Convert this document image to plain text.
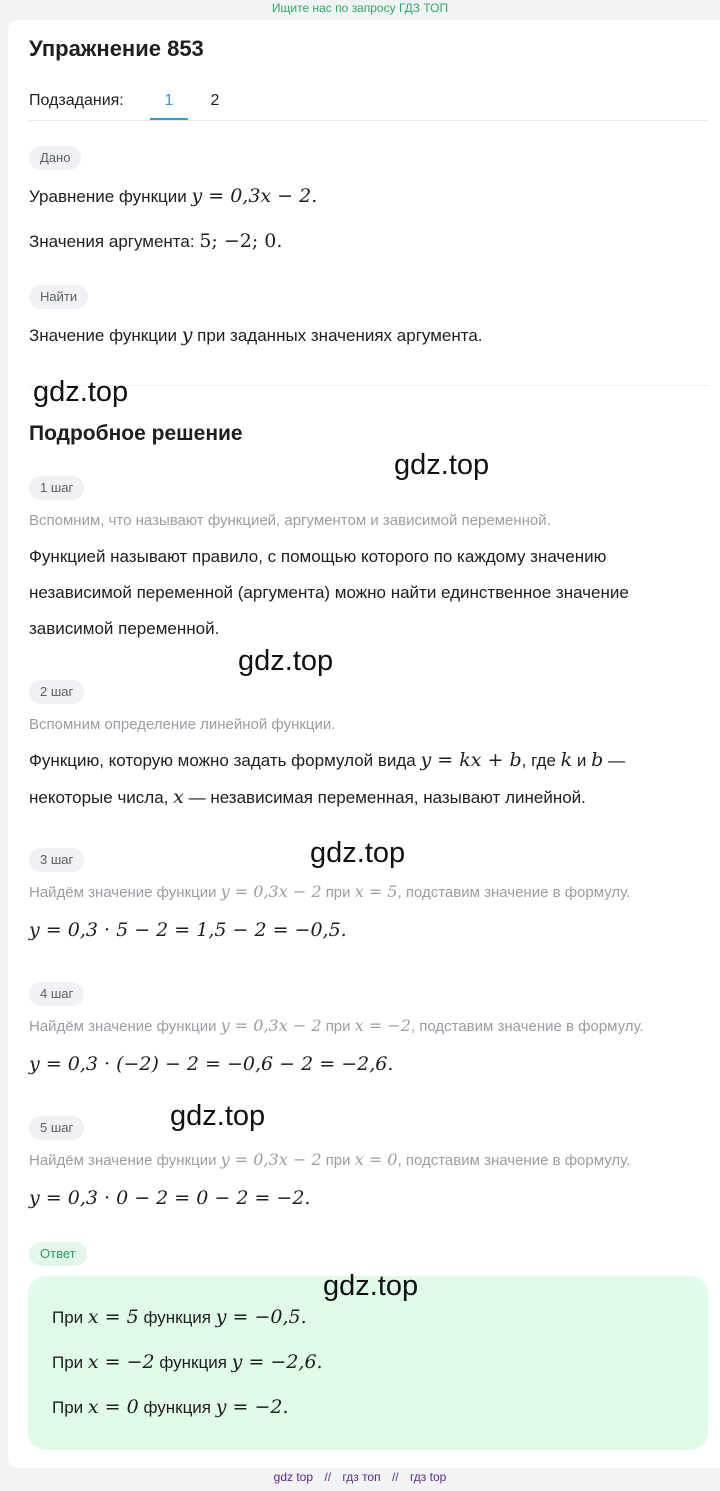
Ищите нас по запросу ГДЗ ТОП
Упражнение 853
Подзадания:	1	2
Дано
Уравнение функции y = 0,3x − 2.
Значения аргумента: 5; −2; 0.
Найти
Значение функции y при заданных значениях аргумента.
gdz.top
Подробное решение
gdz.top
1 шаг
Вспомним, что называют функцией, аргументом и зависимой переменной.
Функцией называют правило, с помощью которого по каждому значению
независимой переменной (аргумента) можно найти единственное значение
зависимой переменной.
gdz.top
2 шаг
Вспомним определение линейной функции.
Функцию, которую можно задать формулой вида y = kx + b, где k и b —
некоторые числа, x — независимая переменная, называют линейной.
3 шаг	gdz.top
Найдём значение функции y = 0,3x − 2 при x = 5, подставим значение в формулу.
y = 0,3 · 5 − 2 = 1,5 − 2 = −0,5.
4 шаг
Найдём значение функции y = 0,3x − 2 при x = −2, подставим значение в формулу.
y = 0,3 · (−2) − 2 = −0,6 − 2 = −2,6.
5 шаг	gdz.top
Найдём значение функции y = 0,3x − 2 при x = 0, подставим значение в формулу.
y = 0,3 · 0 − 2 = 0 − 2 = −2.
Ответ
При x = 5 функция y = −0,5.
При x = −2 функция y = −2,6.
При x = 0 функция y = −2.
gdz.top
gdz top // гдз топ // гдз top
